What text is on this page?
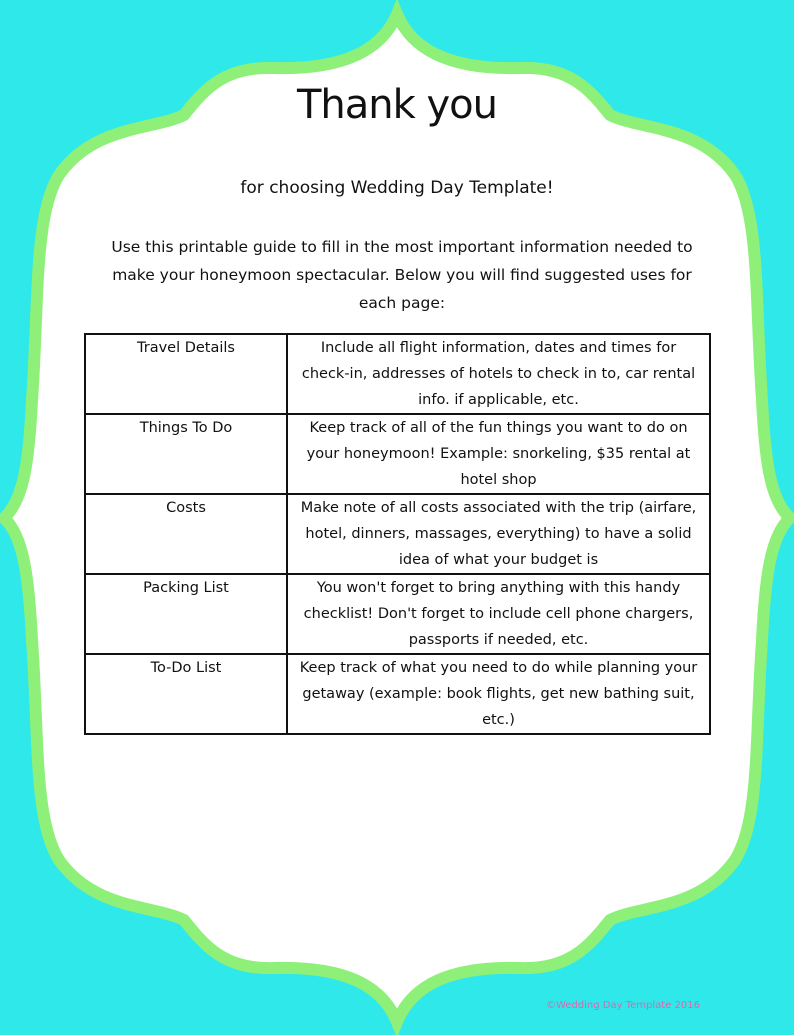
Thank you
for choosing Wedding Day Template!
Use this printable guide to fill in the most important information needed to make your honeymoon spectacular. Below you will find suggested uses for each page:
Travel Details	Include all flight information, dates and times for check-in, addresses of hotels to check in to, car rental info. if applicable, etc.
Things To Do	Keep track of all of the fun things you want to do on your honeymoon! Example: snorkeling, $35 rental at hotel shop
Costs	Make note of all costs associated with the trip (airfare, hotel, dinners, massages, everything) to have a solid idea of what your budget is
Packing List	You won't forget to bring anything with this handy checklist! Don't forget to include cell phone chargers, passports if needed, etc.
To-Do List	Keep track of what you need to do while planning your getaway (example: book flights, get new bathing suit, etc.)
©Wedding Day Template 2016
